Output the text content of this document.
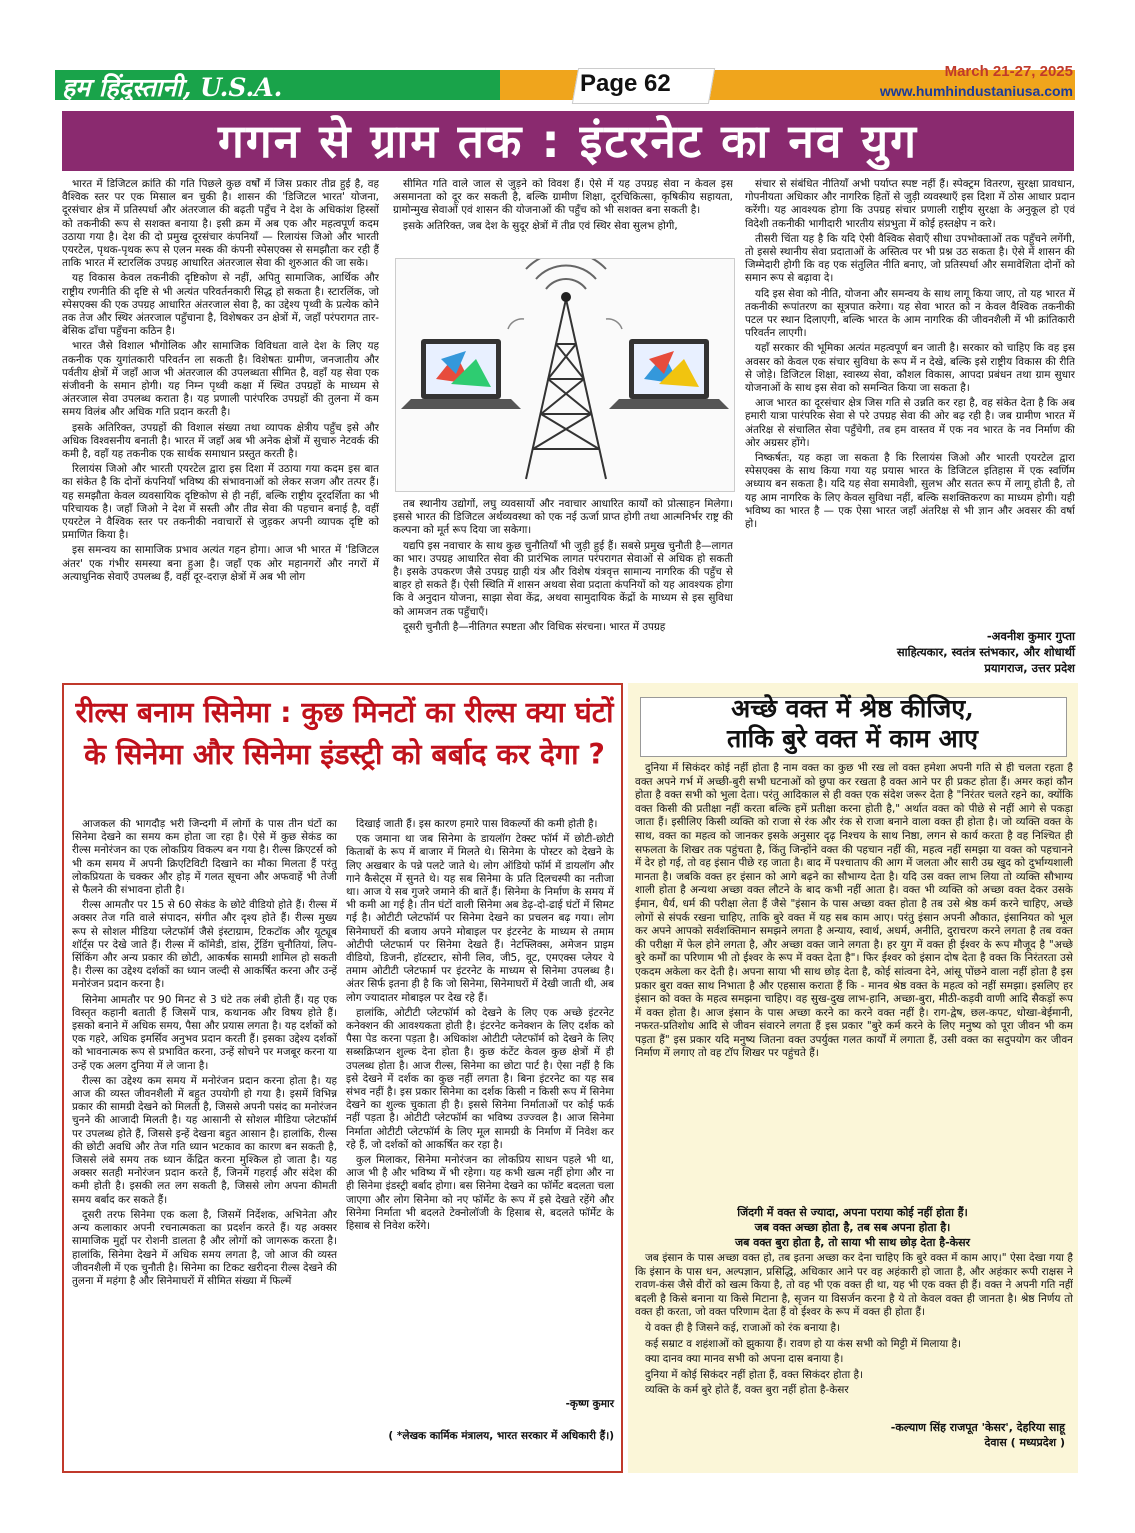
हम हिंदुस्तानी, U.S.A.	Page 62	March 21-27, 2025
www.humhindustaniusa.com
गगन से ग्राम तक : इंटरनेट का नव युग

भारत में डिजिटल क्रांति की गति पिछले कुछ वर्षों में जिस प्रकार तीव्र हुई है, वह वैश्विक स्तर पर एक मिसाल बन चुकी है। शासन की 'डिजिटल भारत' योजना, दूरसंचार क्षेत्र में प्रतिस्पर्धा और अंतरजाल की बढ़ती पहुँच ने देश के अधिकांश हिस्सों को तकनीकी रूप से सशक्त बनाया है। इसी क्रम में अब एक और महत्वपूर्ण कदम उठाया गया है। देश की दो प्रमुख दूरसंचार कंपनियाँ — रिलायंस जिओ और भारती एयरटेल, पृथक-पृथक रूप से एलन मस्क की कंपनी स्पेसएक्स से समझौता कर रही हैं ताकि भारत में स्टारलिंक उपग्रह आधारित अंतरजाल सेवा की शुरुआत की जा सके।

यह विकास केवल तकनीकी दृष्टिकोण से नहीं, अपितु सामाजिक, आर्थिक और राष्ट्रीय रणनीति की दृष्टि से भी अत्यंत परिवर्तनकारी सिद्ध हो सकता है। स्टारलिंक, जो स्पेसएक्स की एक उपग्रह आधारित अंतरजाल सेवा है, का उद्देश्य पृथ्वी के प्रत्येक कोने तक तेज और स्थिर अंतरजाल पहुँचाना है, विशेषकर उन क्षेत्रों में, जहाँ परंपरागत तार-बेसिक ढाँचा पहुँचना कठिन है।

भारत जैसे विशाल भौगोलिक और सामाजिक विविधता वाले देश के लिए यह तकनीक एक युगांतकारी परिवर्तन ला सकती है। विशेषतः ग्रामीण, जनजातीय और पर्वतीय क्षेत्रों में जहाँ आज भी अंतरजाल की उपलब्धता सीमित है, वहाँ यह सेवा एक संजीवनी के समान होगी। यह निम्न पृथ्वी कक्षा में स्थित उपग्रहों के माध्यम से अंतरजाल सेवा उपलब्ध कराता है। यह प्रणाली पारंपरिक उपग्रहों की तुलना में कम समय विलंब और अधिक गति प्रदान करती है।

इसके अतिरिक्त, उपग्रहों की विशाल संख्या तथा व्यापक क्षेत्रीय पहुँच इसे और अधिक विश्वसनीय बनाती है। भारत में जहाँ अब भी अनेक क्षेत्रों में सुचारु नेटवर्क की कमी है, वहाँ यह तकनीक एक सार्थक समाधान प्रस्तुत करती है।

रिलायंस जिओ और भारती एयरटेल द्वारा इस दिशा में उठाया गया कदम इस बात का संकेत है कि दोनों कंपनियाँ भविष्य की संभावनाओं को लेकर सजग और तत्पर हैं। यह समझौता केवल व्यवसायिक दृष्टिकोण से ही नहीं, बल्कि राष्ट्रीय दूरदर्शिता का भी परिचायक है। जहाँ जिओ ने देश में सस्ती और तीव्र सेवा की पहचान बनाई है, वहीं एयरटेल ने वैश्विक स्तर पर तकनीकी नवाचारों से जुड़कर अपनी व्यापक दृष्टि को प्रमाणित किया है।

इस समन्वय का सामाजिक प्रभाव अत्यंत गहन होगा। आज भी भारत में 'डिजिटल अंतर' एक गंभीर समस्या बना हुआ है। जहाँ एक ओर महानगरों और नगरों में अत्याधुनिक सेवाएँ उपलब्ध हैं, वहीं दूर-दराज़ क्षेत्रों में अब भी लोग

सीमित गति वाले जाल से जुड़ने को विवश हैं। ऐसे में यह उपग्रह सेवा न केवल इस असमानता को दूर कर सकती है, बल्कि ग्रामीण शिक्षा, दूरचिकित्सा, कृषिकीय सहायता, ग्रामोन्मुख सेवाओं एवं शासन की योजनाओं की पहुँच को भी सशक्त बना सकती है।

इसके अतिरिक्त, जब देश के सुदूर क्षेत्रों में तीव्र एवं स्थिर सेवा सुलभ होगी,

तब स्थानीय उद्योगों, लघु व्यवसायों और नवाचार आधारित कार्यों को प्रोत्साहन मिलेगा। इससे भारत की डिजिटल अर्थव्यवस्था को एक नई ऊर्जा प्राप्त होगी तथा आत्मनिर्भर राष्ट्र की कल्पना को मूर्त रूप दिया जा सकेगा।

यद्यपि इस नवाचार के साथ कुछ चुनौतियाँ भी जुड़ी हुई हैं। सबसे प्रमुख चुनौती है—लागत का भार। उपग्रह आधारित सेवा की प्रारंभिक लागत परंपरागत सेवाओं से अधिक हो सकती है। इसके उपकरण जैसे उपग्रह ग्राही यंत्र और विशेष यंत्रवृत्त सामान्य नागरिक की पहुँच से बाहर हो सकते हैं। ऐसी स्थिति में शासन अथवा सेवा प्रदाता कंपनियों को यह आवश्यक होगा कि वे अनुदान योजना, साझा सेवा केंद्र, अथवा सामुदायिक केंद्रों के माध्यम से इस सुविधा को आमजन तक पहुँचाएँ।

दूसरी चुनौती है—नीतिगत स्पष्टता और विधिक संरचना। भारत में उपग्रह

संचार से संबंधित नीतियाँ अभी पर्याप्त स्पष्ट नहीं हैं। स्पेक्ट्रम वितरण, सुरक्षा प्रावधान, गोपनीयता अधिकार और नागरिक हितों से जुड़ी व्यवस्थाएँ इस दिशा में ठोस आधार प्रदान करेंगी। यह आवश्यक होगा कि उपग्रह संचार प्रणाली राष्ट्रीय सुरक्षा के अनुकूल हो एवं विदेशी तकनीकी भागीदारी भारतीय संप्रभुता में कोई हस्तक्षेप न करे।

तीसरी चिंता यह है कि यदि ऐसी वैश्विक सेवाएँ सीधा उपभोक्ताओं तक पहुँचने लगेंगी, तो इससे स्थानीय सेवा प्रदाताओं के अस्तित्व पर भी प्रश्न उठ सकता है। ऐसे में शासन की जिम्मेदारी होगी कि वह एक संतुलित नीति बनाए, जो प्रतिस्पर्धा और समावेशिता दोनों को समान रूप से बढ़ावा दे।

यदि इस सेवा को नीति, योजना और समन्वय के साथ लागू किया जाए, तो यह भारत में तकनीकी रूपांतरण का सूत्रपात करेगा। यह सेवा भारत को न केवल वैश्विक तकनीकी पटल पर स्थान दिलाएगी, बल्कि भारत के आम नागरिक की जीवनशैली में भी क्रांतिकारी परिवर्तन लाएगी।

यहाँ सरकार की भूमिका अत्यंत महत्वपूर्ण बन जाती है। सरकार को चाहिए कि वह इस अवसर को केवल एक संचार सुविधा के रूप में न देखे, बल्कि इसे राष्ट्रीय विकास की रीति से जोड़े। डिजिटल शिक्षा, स्वास्थ्य सेवा, कौशल विकास, आपदा प्रबंधन तथा ग्राम सुधार योजनाओं के साथ इस सेवा को समन्वित किया जा सकता है।

आज भारत का दूरसंचार क्षेत्र जिस गति से उन्नति कर रहा है, वह संकेत देता है कि अब हमारी यात्रा पारंपरिक सेवा से परे उपग्रह सेवा की ओर बढ़ रही है। जब ग्रामीण भारत में अंतरिक्ष से संचालित सेवा पहुँचेगी, तब हम वास्तव में एक नव भारत के नव निर्माण की ओर अग्रसर होंगे।

निष्कर्षतः, यह कहा जा सकता है कि रिलायंस जिओ और भारती एयरटेल द्वारा स्पेसएक्स के साथ किया गया यह प्रयास भारत के डिजिटल इतिहास में एक स्वर्णिम अध्याय बन सकता है। यदि यह सेवा समावेशी, सुलभ और सतत रूप में लागू होती है, तो यह आम नागरिक के लिए केवल सुविधा नहीं, बल्कि सशक्तिकरण का माध्यम होगी। यही भविष्य का भारत है — एक ऐसा भारत जहाँ अंतरिक्ष से भी ज्ञान और अवसर की वर्षा हो।

-अवनीश कुमार गुप्ता
साहित्यकार, स्वतंत्र स्तंभकार, और शोधार्थी
प्रयागराज, उत्तर प्रदेश
रील्स बनाम सिनेमा : कुछ मिनटों का रील्स क्या घंटों के सिनेमा और सिनेमा इंडस्ट्री को बर्बाद कर देगा ?

आजकल की भागदौड़ भरी जिन्दगी में लोगों के पास तीन घंटों का सिनेमा देखने का समय कम होता जा रहा है। ऐसे में कुछ सेकंड का रील्स मनोरंजन का एक लोकप्रिय विकल्प बन गया है। रील्स क्रिएटर्स को भी कम समय में अपनी क्रिएटिविटी दिखाने का मौका मिलता हैं परंतु लोकप्रियता के चक्कर और होड़ में गलत सूचना और अफवाहें भी तेजी से फैलने की संभावना होती है।

रील्स आमतौर पर 15 से 60 सेकंड के छोटे वीडियो होते हैं। रील्स में अक्सर तेज गति वाले संपादन, संगीत और दृश्य होते हैं। रील्स मुख्य रूप से सोशल मीडिया प्लेटफॉर्म जैसे इंस्टाग्राम, टिकटॉक और यूट्यूब शॉर्ट्स पर देखे जाते हैं। रील्स में कॉमेडी, डांस, ट्रेंडिंग चुनौतियां, लिप-सिंकिंग और अन्य प्रकार की छोटी, आकर्षक सामग्री शामिल हो सकती है। रील्स का उद्देश्य दर्शकों का ध्यान जल्दी से आकर्षित करना और उन्हें मनोरंजन प्रदान करना है।

सिनेमा आमतौर पर 90 मिनट से 3 घंटे तक लंबी होती हैं। यह एक विस्तृत कहानी बताती हैं जिसमें पात्र, कथानक और विषय होते हैं। इसको बनाने में अधिक समय, पैसा और प्रयास लगता है। यह दर्शकों को एक गहरे, अधिक इमर्सिव अनुभव प्रदान करती हैं। इसका उद्देश्य दर्शकों को भावनात्मक रूप से प्रभावित करना, उन्हें सोचने पर मजबूर करना या उन्हें एक अलग दुनिया में ले जाना है।

रील्स का उद्देश्य कम समय में मनोरंजन प्रदान करना होता है। यह आज की व्यस्त जीवनशैली में बहुत उपयोगी हो गया है। इसमें विभिन्न प्रकार की सामग्री देखने को मिलती है, जिससे अपनी पसंद का मनोरंजन चुनने की आजादी मिलती है। यह आसानी से सोशल मीडिया प्लेटफॉर्म पर उपलब्ध होते हैं, जिससे इन्हें देखना बहुत आसान है। हालांकि, रील्स की छोटी अवधि और तेज गति ध्यान भटकाव का कारण बन सकती है, जिससे लंबे समय तक ध्यान केंद्रित करना मुश्किल हो जाता है। यह अक्सर सतही मनोरंजन प्रदान करते हैं, जिनमें गहराई और संदेश की कमी होती है। इसकी लत लग सकती है, जिससे लोग अपना कीमती समय बर्बाद कर सकते हैं।

दूसरी तरफ सिनेमा एक कला है, जिसमें निर्देशक, अभिनेता और अन्य कलाकार अपनी रचनात्मकता का प्रदर्शन करते हैं। यह अक्सर सामाजिक मुद्दों पर रोशनी डालता है और लोगों को जागरूक करता है। हालांकि, सिनेमा देखने में अधिक समय लगता है, जो आज की व्यस्त जीवनशैली में एक चुनौती है। सिनेमा का टिकट खरीदना रील्स देखने की तुलना में महंगा है और सिनेमाघरों में सीमित संख्या में फिल्में

दिखाई जाती हैं। इस कारण हमारे पास विकल्पों की कमी होती है।

एक जमाना था जब सिनेमा के डायलॉग टेक्स्ट फॉर्म में छोटी-छोटी किताबों के रूप में बाजार में मिलते थे। सिनेमा के पोस्टर को देखने के लिए अखबार के पन्ने पलटे जाते थे। लोग ऑडियो फॉर्म में डायलॉग और गाने कैसेट्स में सुनते थे। यह सब सिनेमा के प्रति दिलचस्पी का नतीजा था। आज ये सब गुजरे जमाने की बातें हैं। सिनेमा के निर्माण के समय में भी कमी आ गई है। तीन घंटों वाली सिनेमा अब डेढ़-दो-ढाई घंटों में सिमट गई है। ओटीटी प्लेटफॉर्म पर सिनेमा देखने का प्रचलन बढ़ गया। लोग सिनेमाघरों की बजाय अपने मोबाइल पर इंटरनेट के माध्यम से तमाम ओटीपी प्लेटफार्म पर सिनेमा देखते हैं। नेटफ्लिक्स, अमेजन प्राइम वीडियो, डिजनी, हॉटस्टार, सोनी लिव, जी5, वूट, एमएक्स प्लेयर ये तमाम ओटीटी प्लेटफार्म पर इंटरनेट के माध्यम से सिनेमा उपलब्ध है। अंतर सिर्फ इतना ही है कि जो सिनेमा, सिनेमाघरों में देखी जाती थी, अब लोग ज्यादातर मोबाइल पर देख रहे हैं।

हालांकि, ओटीटी प्लेटफॉर्म को देखने के लिए एक अच्छे इंटरनेट कनेक्शन की आवश्यकता होती है। इंटरनेट कनेक्शन के लिए दर्शक को पैसा पेड करना पड़ता है। अधिकांश ओटीटी प्लेटफॉर्म को देखने के लिए सब्सक्रिप्शन शुल्क देना होता है। कुछ कंटेंट केवल कुछ क्षेत्रों में ही उपलब्ध होता है। आज रील्स, सिनेमा का छोटा पार्ट है। ऐसा नहीं है कि इसे देखने में दर्शक का कुछ नहीं लगता है। बिना इंटरनेट का यह सब संभव नहीं है। इस प्रकार सिनेमा का दर्शक किसी न किसी रूप में सिनेमा देखने का शुल्क चुकाता ही है। इससे सिनेमा निर्माताओं पर कोई फर्क नहीं पड़ता है। ओटीटी प्लेटफॉर्म का भविष्य उज्ज्वल है। आज सिनेमा निर्माता ओटीटी प्लेटफॉर्म के लिए मूल सामग्री के निर्माण में निवेश कर रहे हैं, जो दर्शकों को आकर्षित कर रहा है।

कुल मिलाकर, सिनेमा मनोरंजन का लोकप्रिय साधन पहले भी था, आज भी है और भविष्य में भी रहेगा। यह कभी खत्म नहीं होगा और ना ही सिनेमा इंडस्ट्री बर्बाद होगा। बस सिनेमा देखने का फॉर्मेट बदलता चला जाएगा और लोग सिनेमा को नए फॉर्मेट के रूप में इसे देखते रहेंगे और सिनेमा निर्माता भी बदलते टेक्नोलॉजी के हिसाब से, बदलते फॉर्मेट के हिसाब से निवेश करेंगे।

-कृष्ण कुमार
( *लेखक कार्मिक मंत्रालय, भारत सरकार में अधिकारी हैं।)
अच्छे वक्त में श्रेष्ठ कीजिए,
ताकि बुरे वक्त में काम आए

दुनिया में सिकंदर कोई नहीं होता है नाम वक्त का कुछ भी रख लो वक्त हमेशा अपनी गति से ही चलता रहता है वक्त अपने गर्भ में अच्छी-बुरी सभी घटनाओं को छुपा कर रखता है वक्त आने पर ही प्रकट होता हैं। अमर कहां कौन होता है वक्त सभी को भुला देता। परंतु आदिकाल से ही वक्त एक संदेश जरूर देता है "निरंतर चलते रहने का, क्योंकि वक्त किसी की प्रतीक्षा नहीं करता बल्कि हमें प्रतीक्षा करना होती है," अर्थात वक्त को पीछे से नहीं आगे से पकड़ा जाता हैं। इसीलिए किसी व्यक्ति को राजा से रंक और रंक से राजा बनाने वाला वक्त ही होता है। जो व्यक्ति वक्त के साथ, वक्त का महत्व को जानकर इसके अनुसार दृढ़ निश्चय के साथ निष्ठा, लगन से कार्य करता है वह निश्चित ही सफलता के शिखर तक पहुंचता है, किंतु जिन्होंने वक्त की पहचान नहीं की, महत्व नहीं समझा या वक्त को पहचानने में देर हो गई, तो वह इंसान पीछे रह जाता है। बाद में पश्चाताप की आग में जलता और सारी उम्र खुद को दुर्भाग्यशाली मानता है। जबकि वक्त हर इंसान को आगे बढ़ने का सौभाग्य देता है। यदि उस वक्त लाभ लिया तो व्यक्ति सौभाग्य शाली होता है अन्यथा अच्छा वक्त लौटने के बाद कभी नहीं आता है। वक्त भी व्यक्ति को अच्छा वक्त देकर उसके ईमान, धैर्य, धर्म की परीक्षा लेता हैं जैसे "इंसान के पास अच्छा वक्त होता है तब उसे श्रेष्ठ कर्म करने चाहिए, अच्छे लोगों से संपर्क रखना चाहिए, ताकि बुरे वक्त में यह सब काम आए। परंतु इंसान अपनी औकात, इंसानियत को भूल कर अपने आपको सर्वशक्तिमान समझने लगता है अन्याय, स्वार्थ, अधर्म, अनीति, दुराचरण करने लगता है तब वक्त की परीक्षा में फेल होने लगता है, और अच्छा वक्त जाने लगता है। हर युग में वक्त ही ईश्वर के रूप मौजूद है "अच्छे बुरे कर्मों का परिणाम भी तो ईश्वर के रूप में वक्त देता है"। फिर ईश्वर को इंसान दोष देता है वक्त कि निरंतरता उसे एकदम अकेला कर देती है। अपना साया भी साथ छोड़ देता है, कोई सांत्वना देने, आंसू पोंछने वाला नहीं होता है इस प्रकार बुरा वक्त साथ निभाता है और एहसास कराता हैं कि - मानव श्रेष्ठ वक्त के महत्व को नहीं समझा। इसलिए हर इंसान को वक्त के महत्व समझना चाहिए। वह सुख-दुख लाभ-हानि, अच्छा-बुरा, मीठी-कड़वी वाणी आदि सैकड़ों रूप में वक्त होता है। आज इंसान के पास अच्छा करने का करने वक्त नहीं है। राग-द्वेष, छल-कपट, धोखा-बेईमानी, नफरत-प्रतिशोध आदि से जीवन संवारने लगता हैं इस प्रकार "बुरे कर्म करने के लिए मनुष्य को पूरा जीवन भी कम पड़ता हैं" इस प्रकार यदि मनुष्य जितना वक्त उपर्युक्त गलत कार्यों में लगाता हैं, उसी वक्त का सदुपयोग कर जीवन निर्माण में लगाए तो वह टॉप शिखर पर पहुंचते हैं।

जिंदगी में वक्त से ज्यादा, अपना पराया कोई नहीं होता हैं।
जब वक्त अच्छा होता है, तब सब अपना होता है।
जब वक्त बुरा होता है, तो साया भी साथ छोड़ देता है-केसर

जब इंसान के पास अच्छा वक्त हो, तब इतना अच्छा कर देना चाहिए कि बुरे वक्त में काम आए।" ऐसा देखा गया है कि इंसान के पास धन, अल्पज्ञान, प्रसिद्धि, अधिकार आने पर वह अहंकारी हो जाता है, और अहंकार रूपी राक्षस ने रावण-कंस जैसे वीरों को खत्म किया है, तो वह भी एक वक्त ही था, यह भी एक वक्त ही हैं। वक्त ने अपनी गति नहीं बदली है किसे बनाना या किसे मिटाना है, सृजन या विसर्जन करना है ये तो केवल वक्त ही जानता है। श्रेष्ठ निर्णय तो वक्त ही करता, जो वक्त परिणाम देता हैं वो ईश्वर के रूप में वक्त ही होता हैं।

ये वक्त ही है जिसने कई, राजाओं को रंक बनाया है।

कई सम्राट व शहंशाओं को झुकाया हैं। रावण हो या कंस सभी को मिट्टी में मिलाया है।

क्या दानव क्या मानव सभी को अपना दास बनाया है।

दुनिया में कोई सिकंदर नहीं होता हैं, वक्त सिकंदर होता है।

व्यक्ति के कर्म बुरे होते हैं, वक्त बुरा नहीं होता है-केसर

-कल्याण सिंह राजपूत 'केसर', देहरिया साहू
देवास ( मध्यप्रदेश )
